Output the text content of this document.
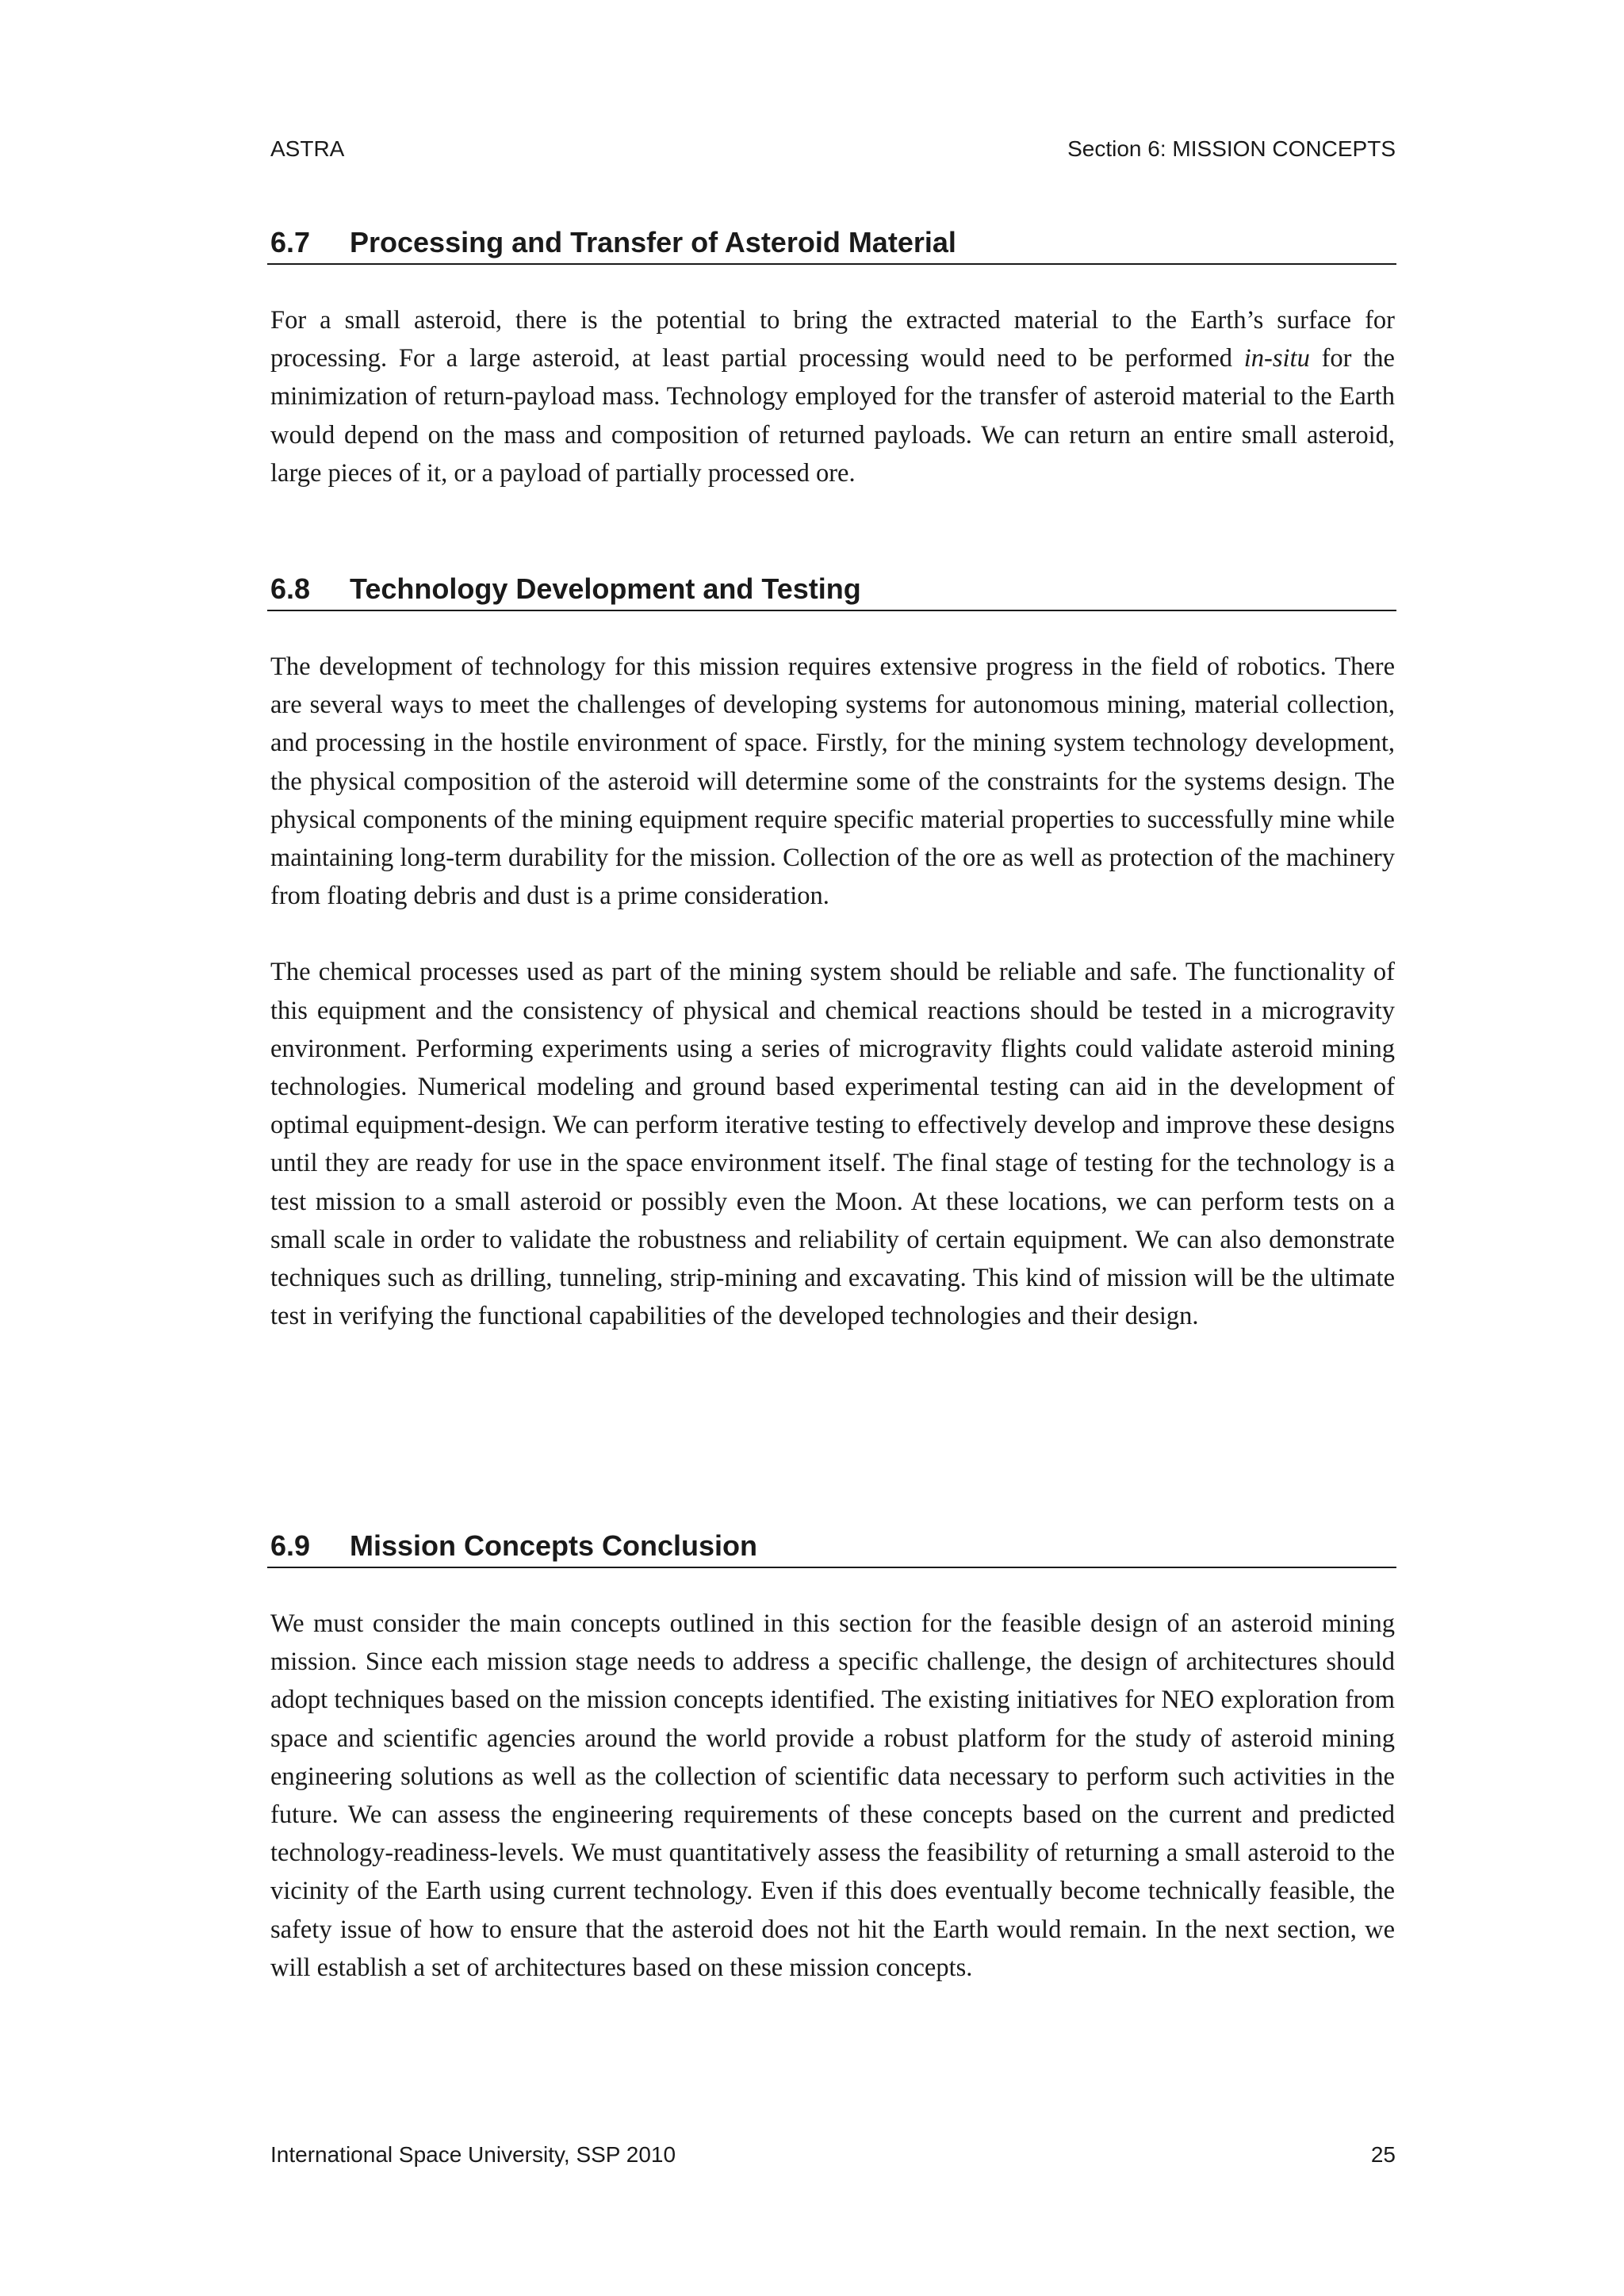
ASTRA	Section 6: MISSION CONCEPTS
6.7 Processing and Transfer of Asteroid Material

For a small asteroid, there is the potential to bring the extracted material to the Earth’s surface for processing. For a large asteroid, at least partial processing would need to be performed in-situ for the minimization of return-payload mass. Technology employed for the transfer of asteroid material to the Earth would depend on the mass and composition of returned payloads. We can return an entire small asteroid, large pieces of it, or a payload of partially processed ore.

6.8 Technology Development and Testing

The development of technology for this mission requires extensive progress in the field of robotics. There are several ways to meet the challenges of developing systems for autonomous mining, material collection, and processing in the hostile environment of space. Firstly, for the mining system technology development, the physical composition of the asteroid will determine some of the constraints for the systems design. The physical components of the mining equipment require specific material properties to successfully mine while maintaining long-term durability for the mission. Collection of the ore as well as protection of the machinery from floating debris and dust is a prime consideration.

The chemical processes used as part of the mining system should be reliable and safe. The functionality of this equipment and the consistency of physical and chemical reactions should be tested in a microgravity environment. Performing experiments using a series of microgravity flights could validate asteroid mining technologies. Numerical modeling and ground based experimental testing can aid in the development of optimal equipment-design. We can perform iterative testing to effectively develop and improve these designs until they are ready for use in the space environment itself. The final stage of testing for the technology is a test mission to a small asteroid or possibly even the Moon. At these locations, we can perform tests on a small scale in order to validate the robustness and reliability of certain equipment. We can also demonstrate techniques such as drilling, tunneling, strip-mining and excavating. This kind of mission will be the ultimate test in verifying the functional capabilities of the developed technologies and their design.

6.9 Mission Concepts Conclusion

We must consider the main concepts outlined in this section for the feasible design of an asteroid mining mission. Since each mission stage needs to address a specific challenge, the design of architectures should adopt techniques based on the mission concepts identified. The existing initiatives for NEO exploration from space and scientific agencies around the world provide a robust platform for the study of asteroid mining engineering solutions as well as the collection of scientific data necessary to perform such activities in the future. We can assess the engineering requirements of these concepts based on the current and predicted technology-readiness-levels. We must quantitatively assess the feasibility of returning a small asteroid to the vicinity of the Earth using current technology. Even if this does eventually become technically feasible, the safety issue of how to ensure that the asteroid does not hit the Earth would remain. In the next section, we will establish a set of architectures based on these mission concepts.

International Space University, SSP 2010	25
